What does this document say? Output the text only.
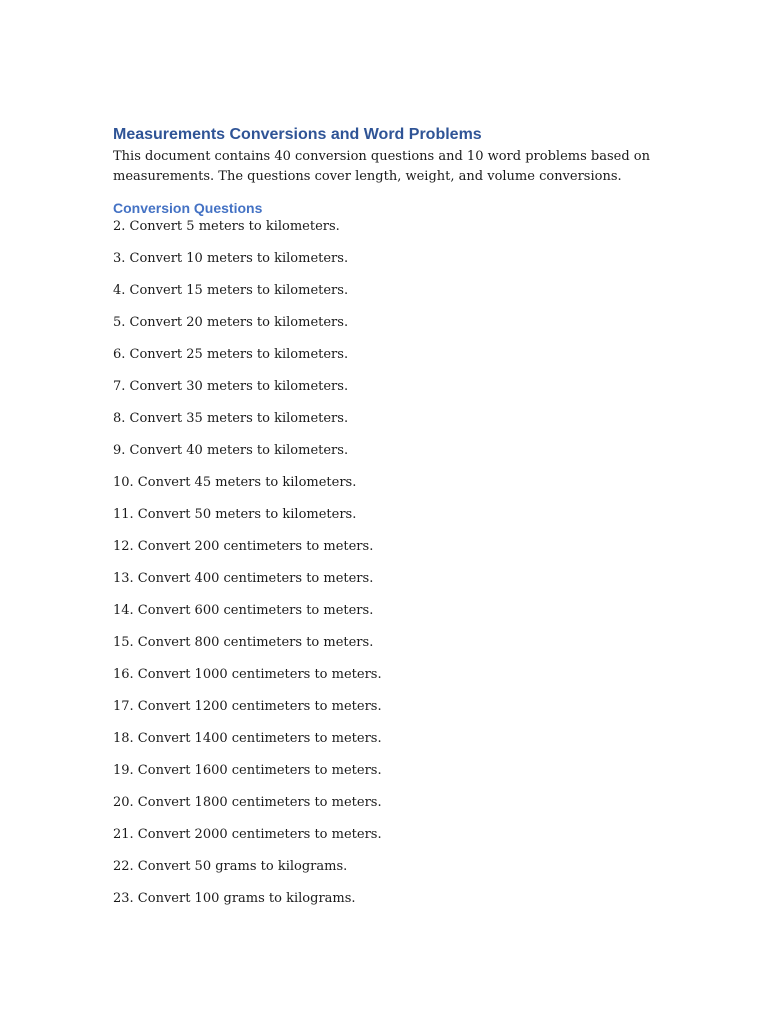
Measurements Conversions and Word Problems

This document contains 40 conversion questions and 10 word problems based on measurements. The questions cover length, weight, and volume conversions.

Conversion Questions
2. Convert 5 meters to kilometers.
3. Convert 10 meters to kilometers.
4. Convert 15 meters to kilometers.
5. Convert 20 meters to kilometers.
6. Convert 25 meters to kilometers.
7. Convert 30 meters to kilometers.
8. Convert 35 meters to kilometers.
9. Convert 40 meters to kilometers.
10. Convert 45 meters to kilometers.
11. Convert 50 meters to kilometers.
12. Convert 200 centimeters to meters.
13. Convert 400 centimeters to meters.
14. Convert 600 centimeters to meters.
15. Convert 800 centimeters to meters.
16. Convert 1000 centimeters to meters.
17. Convert 1200 centimeters to meters.
18. Convert 1400 centimeters to meters.
19. Convert 1600 centimeters to meters.
20. Convert 1800 centimeters to meters.
21. Convert 2000 centimeters to meters.
22. Convert 50 grams to kilograms.
23. Convert 100 grams to kilograms.
